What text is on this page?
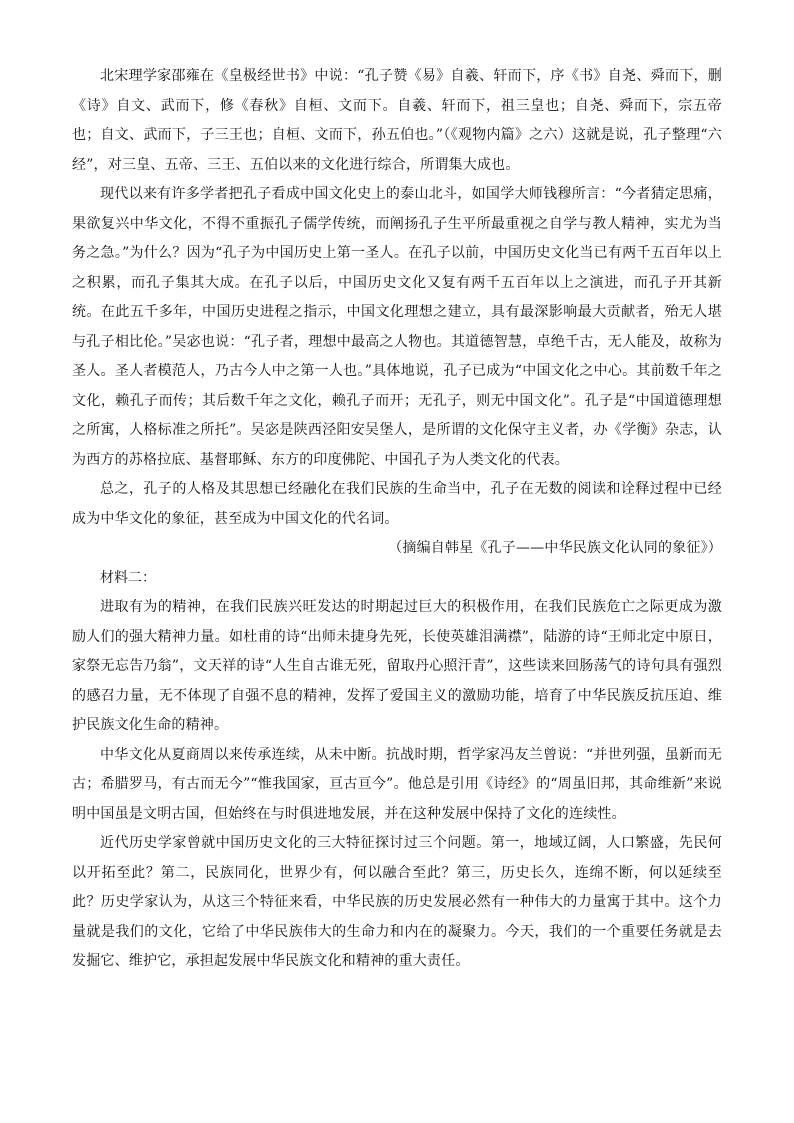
北宋理学家邵雍在《皇极经世书》中说：“孔子赞《易》自羲、轩而下，序《书》自尧、舜而下，删《诗》自文、武而下，修《春秋》自桓、文而下。自羲、轩而下，祖三皇也；自尧、舜而下，宗五帝也；自文、武而下，子三王也；自桓、文而下，孙五伯也。”（《观物内篇》之六）这就是说，孔子整理“六经”，对三皇、五帝、三王、五伯以来的文化进行综合，所谓集大成也。

现代以来有许多学者把孔子看成中国文化史上的泰山北斗，如国学大师钱穆所言：“今者猜定思痛，果欲复兴中华文化，不得不重振孔子儒学传统，而阐扬孔子生平所最重视之自学与教人精神，实尤为当务之急。”为什么？因为“孔子为中国历史上第一圣人。在孔子以前，中国历史文化当已有两千五百年以上之积累，而孔子集其大成。在孔子以后，中国历史文化又复有两千五百年以上之演进，而孔子开其新统。在此五千多年，中国历史进程之指示，中国文化理想之建立，具有最深影响最大贡献者，殆无人堪与孔子相比伦。”吴宓也说：“孔子者，理想中最高之人物也。其道德智慧，卓绝千古，无人能及，故称为圣人。圣人者模范人，乃古今人中之第一人也。”具体地说，孔子已成为“中国文化之中心。其前数千年之文化，赖孔子而传；其后数千年之文化，赖孔子而开；无孔子，则无中国文化”。孔子是“中国道德理想之所寓，人格标准之所托”。吴宓是陕西泾阳安吴堡人，是所谓的文化保守主义者，办《学衡》杂志，认为西方的苏格拉底、基督耶稣、东方的印度佛陀、中国孔子为人类文化的代表。

总之，孔子的人格及其思想已经融化在我们民族的生命当中，孔子在无数的阅读和诠释过程中已经成为中华文化的象征，甚至成为中国文化的代名词。

（摘编自韩星《孔子——中华民族文化认同的象征》）

材料二：

进取有为的精神，在我们民族兴旺发达的时期起过巨大的积极作用，在我们民族危亡之际更成为激励人们的强大精神力量。如杜甫的诗“出师未捷身先死，长使英雄泪满襟”，陆游的诗“王师北定中原日，家祭无忘告乃翁”，文天祥的诗“人生自古谁无死，留取丹心照汗青”，这些读来回肠荡气的诗句具有强烈的感召力量，无不体现了自强不息的精神，发挥了爱国主义的激励功能，培育了中华民族反抗压迫、维护民族文化生命的精神。

中华文化从夏商周以来传承连续，从未中断。抗战时期，哲学家冯友兰曾说：“并世列强，虽新而无古；希腊罗马，有古而无今”“惟我国家，亘古亘今”。他总是引用《诗经》的“周虽旧邦，其命维新”来说明中国虽是文明古国，但始终在与时俱进地发展，并在这种发展中保持了文化的连续性。

近代历史学家曾就中国历史文化的三大特征探讨过三个问题。第一，地域辽阔，人口繁盛，先民何以开拓至此？第二，民族同化，世界少有，何以融合至此？第三，历史长久，连绵不断，何以延续至此？历史学家认为，从这三个特征来看，中华民族的历史发展必然有一种伟大的力量寓于其中。这个力量就是我们的文化，它给了中华民族伟大的生命力和内在的凝聚力。今天，我们的一个重要任务就是去发掘它、维护它，承担起发展中华民族文化和精神的重大责任。
